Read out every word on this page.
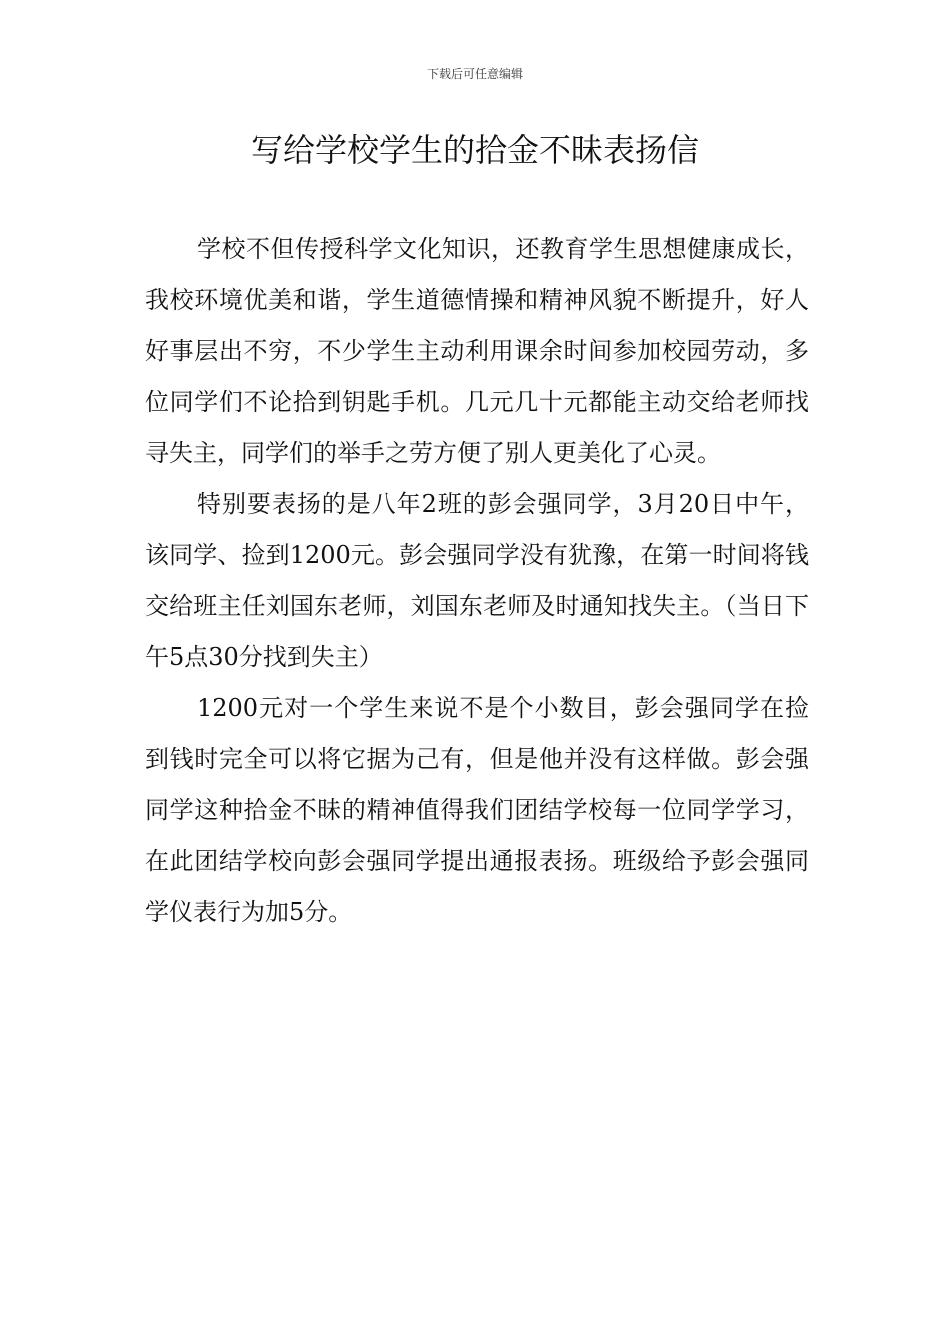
下载后可任意编辑
写给学校学生的拾金不昧表扬信

学校不但传授科学文化知识，还教育学生思想健康成长，我校环境优美和谐，学生道德情操和精神风貌不断提升，好人好事层出不穷，不少学生主动利用课余时间参加校园劳动，多位同学们不论拾到钥匙手机。几元几十元都能主动交给老师找寻失主，同学们的举手之劳方便了别人更美化了心灵。

特别要表扬的是八年2班的彭会强同学，3月20日中午，该同学、捡到1200元。彭会强同学没有犹豫，在第一时间将钱交给班主任刘国东老师，刘国东老师及时通知找失主。（当日下午5点30分找到失主）

1200元对一个学生来说不是个小数目，彭会强同学在捡到钱时完全可以将它据为己有，但是他并没有这样做。彭会强同学这种拾金不昧的精神值得我们团结学校每一位同学学习，在此团结学校向彭会强同学提出通报表扬。班级给予彭会强同学仪表行为加5分。
